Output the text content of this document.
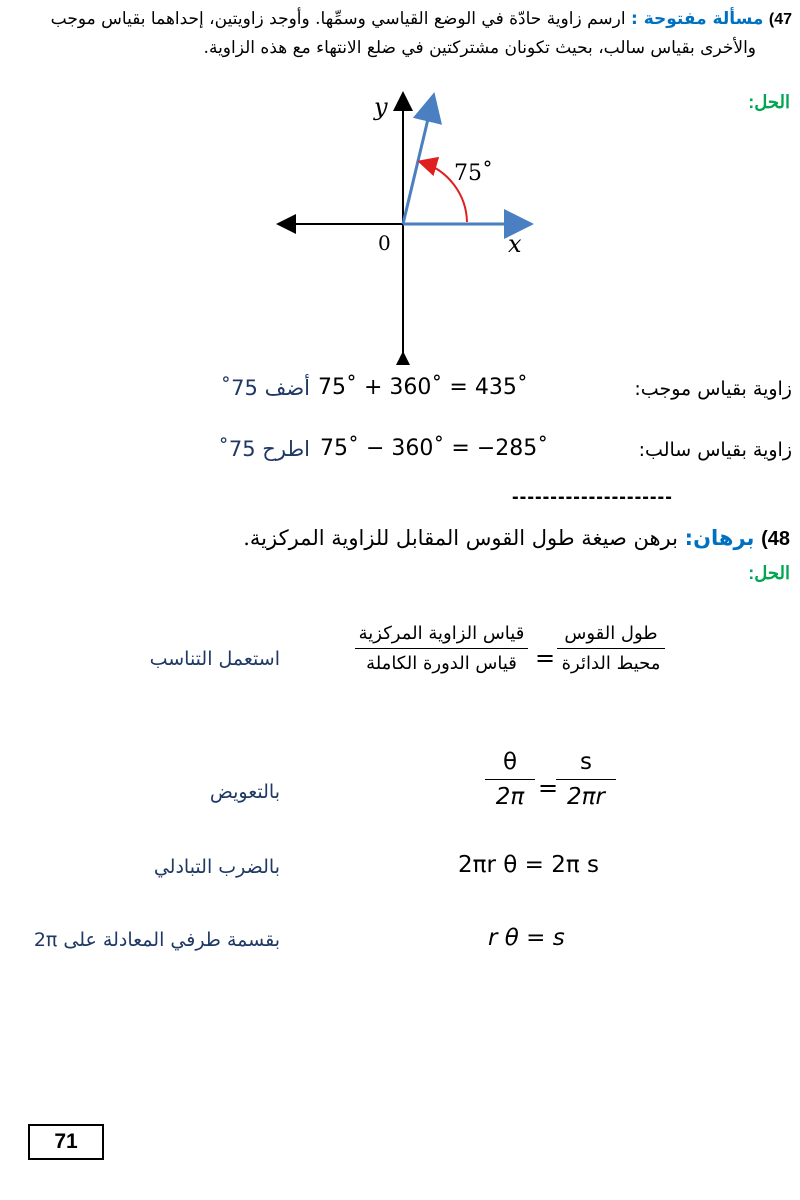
47) مسألة مفتوحة : ارسم زاوية حادّة في الوضع القياسي وسمِّها. وأوجد زاويتين، إحداهما بقياس موجب
والأخرى بقياس سالب، بحيث تكونان مشتركتين في ضلع الانتهاء مع هذه الزاوية.
الحل:
y
x
0
75˚
زاوية بقياس موجب:
75˚ + 360˚ = 435˚
أضف 75˚
زاوية بقياس سالب:
75˚ − 360˚ = −285˚
اطرح 75˚
---------------------
48) برهان: برهن صيغة طول القوس المقابل للزاوية المركزية.
الحل:
طول القوس
محيط الدائرة
=
قياس الزاوية المركزية
قياس الدورة الكاملة
استعمل التناسب
θ
2π =
s
2πr
بالتعويض
2πr θ = 2π s
بالضرب التبادلي
r θ = s
بقسمة طرفي المعادلة على 2π
71
